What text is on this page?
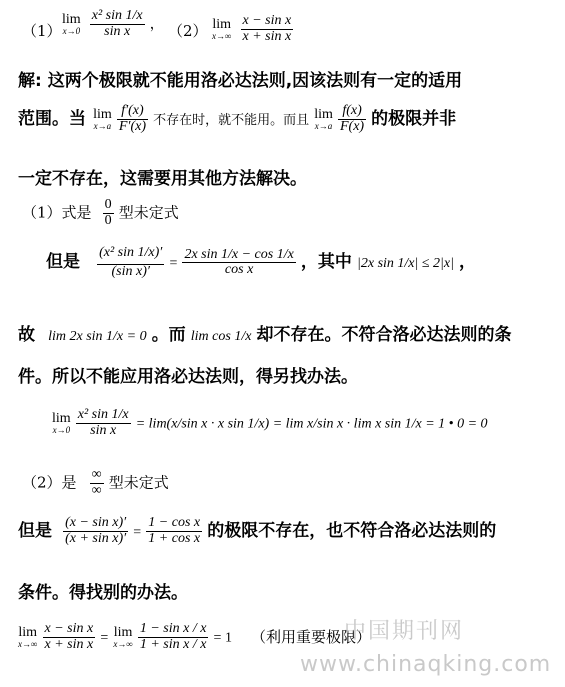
（1）
lim
x→0
$\frac{\text{x² sin 1/x}}{\text{sin x}}$ ， （2） lim
x→∞
$\frac{\text{x − sin x}}{\text{x + sin x}}$
解: 这两个极限就不能用洛必达法则,因该法则有一定的适用
范围。当 lim
x→a
$\frac{f'(x)}{F'(x)}$ 不存在时，就不能用。而且 lim
x→a
$\frac{f(x)}{F(x)}$ 的极限并非
一定不存在，这需要用其他方法解决。
（1）式是 $\frac{0}{0}$ 型未定式
但是 $\frac{\text{(x² sin 1/x)′}}{\text{(sin x)′}} = \frac{\text{2x sin 1/x − cos 1/x}}{\text{cos x}}$ ，其中 |2x sin 1/x| ≤ 2|x| ，
故 lim 2x sin 1/x = 0 。而 lim cos 1/x 却不存在。不符合洛必达法则的条
件。所以不能应用洛必达法则，得另找办法。
lim
x→0
$\frac{\text{x² sin 1/x}}{\text{sin x}} = \lim(x/\sin$ x · x sin 1/x) = lim x/sin x · lim x sin 1/x = 1 • 0 = 0
（2）是 ∞
∞ 型未定式
但是 $\frac{\text{(x − sin x)′}}{\text{(x + sin x)′}} = \frac{\text{1 − cos x}}{\text{1 + cos x}}$ 的极限不存在，也不符合洛必达法则的
条件。得找别的办法。
lim
x→∞
$\frac{\text{x − sin x}}{\text{x + sin x}} = \lim$
x→∞
$\frac{\text{1 − sin x / x}}{\text{1 + sin x / x}} = 1$ （利用重要极限）
中国期刊网
www.chinaqking.com
